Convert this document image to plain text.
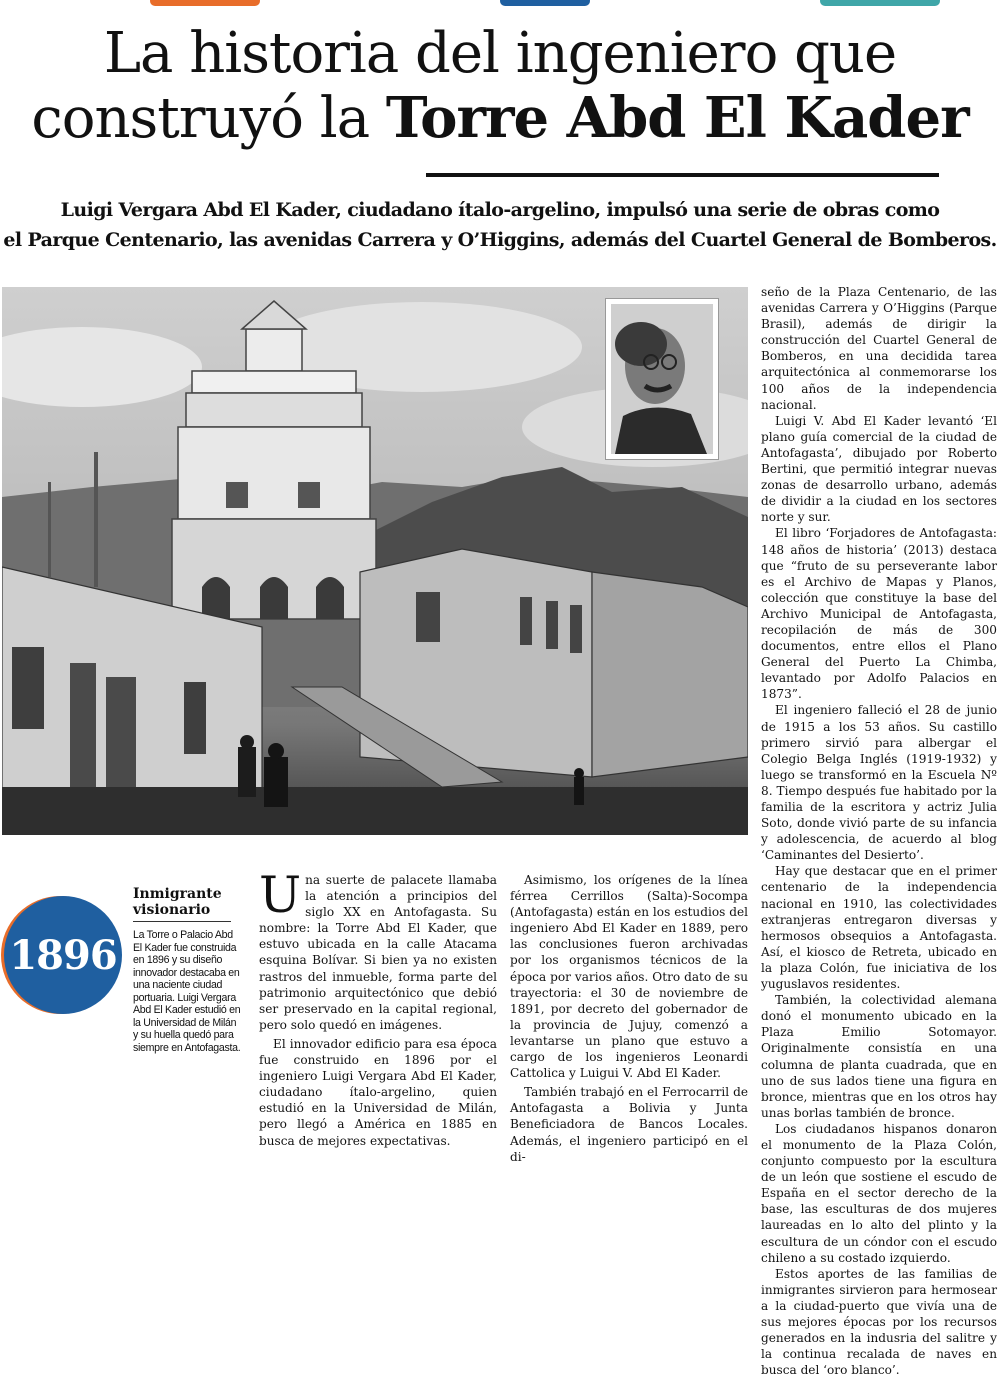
La historia del ingeniero que
construyó la Torre Abd El Kader

Luigi Vergara Abd El Kader, ciudadano ítalo-argelino, impulsó una serie de obras como
el Parque Centenario, las avenidas Carrera y O’Higgins, además del Cuartel General de Bomberos.

seño de la Plaza Centenario, de las avenidas Carrera y O’Higgins (Parque Brasil), además de dirigir la construcción del Cuartel General de Bomberos, en una decidida tarea arquitectónica al conmemorarse los 100 años de la independencia nacional.

Luigi V. Abd El Kader levantó ‘El plano guía comercial de la ciudad de Antofagasta’, dibujado por Roberto Bertini, que permitió integrar nuevas zonas de desarrollo urbano, además de dividir a la ciudad en los sectores norte y sur.

El libro ‘Forjadores de Antofagasta: 148 años de historia’ (2013) destaca que “fruto de su perseverante labor es el Archivo de Mapas y Planos, colección que constituye la base del Archivo Municipal de Antofagasta, recopilación de más de 300 documentos, entre ellos el Plano General del Puerto La Chimba, levantado por Adolfo Palacios en 1873”.

El ingeniero falleció el 28 de junio de 1915 a los 53 años. Su castillo primero sirvió para albergar el Colegio Belga Inglés (1919-1932) y luego se transformó en la Escuela Nº 8. Tiempo después fue habitado por la familia de la escritora y actriz Julia Soto, donde vivió parte de su infancia y adolescencia, de acuerdo al blog ‘Caminantes del Desierto’.

Hay que destacar que en el primer centenario de la independencia nacional en 1910, las colectividades extranjeras entregaron diversas y hermosos obsequios a Antofagasta. Así, el kiosco de Retreta, ubicado en la plaza Colón, fue iniciativa de los yuguslavos residentes.

También, la colectividad alemana donó el monumento ubicado en la Plaza Emilio Sotomayor. Originalmente consistía en una columna de planta cuadrada, que en uno de sus lados tiene una figura en bronce, mientras que en los otros hay unas borlas también de bronce.

Los ciudadanos hispanos donaron el monumento de la Plaza Colón, conjunto compuesto por la escultura de un león que sostiene el escudo de España en el sector derecho de la base, las esculturas de dos mujeres laureadas en lo alto del plinto y la escultura de un cóndor con el escudo chileno a su costado izquierdo.

Estos aportes de las familias de inmigrantes sirvieron para hermosear a la ciudad-puerto que vivía una de sus mejores épocas por los recursos generados en la indusria del salitre y la continua recalada de naves en busca del ‘oro blanco’.

1896
Inmigrante visionario

La Torre o Palacio Abd El Kader fue construida en 1896 y su diseño innovador destacaba en una naciente ciudad portuaria. Luigi Vergara Abd El Kader estudió en la Universidad de Milán y su huella quedó para siempre en Antofagasta.

Una suerte de palacete llamaba la atención a principios del siglo XX en Antofagasta. Su nombre: la Torre Abd El Kader, que estuvo ubicada en la calle Atacama esquina Bolívar. Si bien ya no existen rastros del inmueble, forma parte del patrimonio arquitectónico que debió ser preservado en la capital regional, pero solo quedó en imágenes.

El innovador edificio para esa época fue construido en 1896 por el ingeniero Luigi Vergara Abd El Kader, ciudadano ítalo-argelino, quien estudió en la Universidad de Milán, pero llegó a América en 1885 en busca de mejores expectativas.

Asimismo, los orígenes de la línea férrea Cerrillos (Salta)-Socompa (Antofagasta) están en los estudios del ingeniero Abd El Kader en 1889, pero las conclusiones fueron archivadas por los organismos técnicos de la época por varios años. Otro dato de su trayectoria: el 30 de noviembre de 1891, por decreto del gobernador de la provincia de Jujuy, comenzó a levantarse un plano que estuvo a cargo de los ingenieros Leonardi Cattolica y Luigui V. Abd El Kader.

También trabajó en el Ferrocarril de Antofagasta a Bolivia y Junta Beneficiadora de Bancos Locales. Además, el ingeniero participó en el di-
